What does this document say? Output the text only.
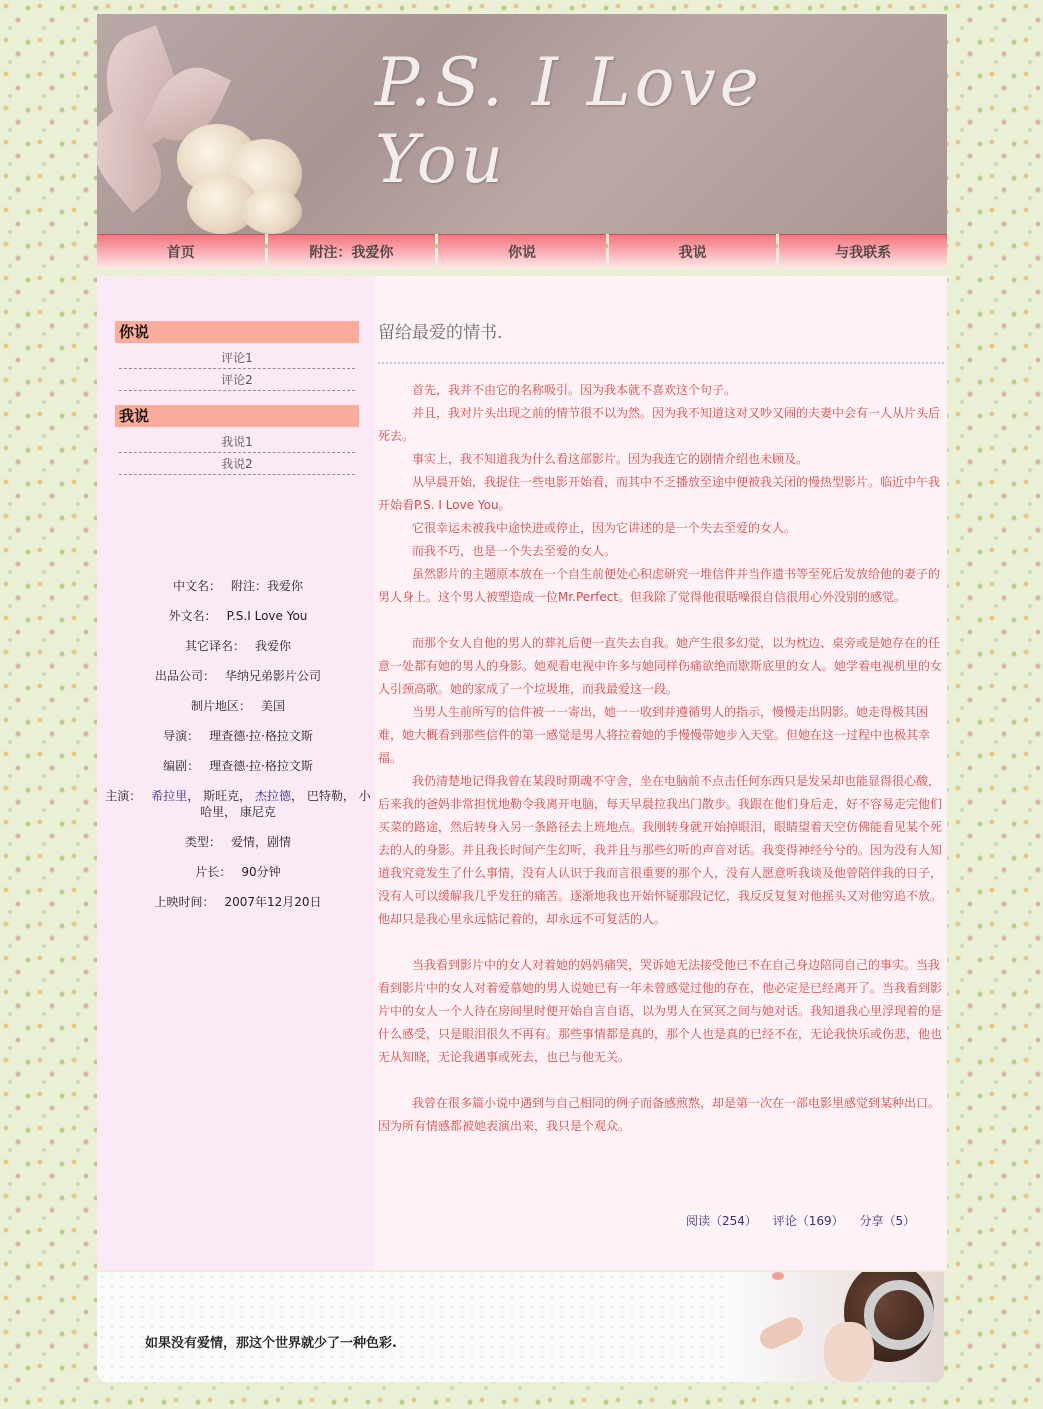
P.S. I Love You
首页	附注：我爱你	你说	我说	与我联系
你说
评论1
评论2
我说
我说1
我说2
中文名： 附注：我爱你
外文名： P.S.I Love You
其它译名： 我爱你
出品公司： 华纳兄弟影片公司
制片地区： 美国
导演： 理查德·拉·格拉文斯
编剧： 理查德·拉·格拉文斯
主演： 希拉里， 斯旺克， 杰拉德， 巴特勒， 小哈里， 康尼克
类型： 爱情，剧情
片长： 90分钟
上映时间： 2007年12月20日
留给最爱的情书.

首先，我并不由它的名称吸引。因为我本就不喜欢这个句子。

并且，我对片头出现之前的情节很不以为然。因为我不知道这对又吵又闹的夫妻中会有一人从片头后死去。

事实上，我不知道我为什么看这部影片。因为我连它的剧情介绍也未顾及。

从早晨开始，我捉住一些电影开始看，而其中不乏播放至途中便被我关闭的慢热型影片。临近中午我开始看P.S. I Love You。

它很幸运未被我中途快进或停止，因为它讲述的是一个失去至爱的女人。

而我不巧，也是一个失去至爱的女人。

虽然影片的主题原本放在一个自生前便处心积虑研究一堆信件并当作遗书等至死后发放给他的妻子的男人身上。这个男人被塑造成一位Mr.Perfect。但我除了觉得他很聒噪很自信很用心外没别的感觉。

而那个女人自他的男人的葬礼后便一直失去自我。她产生很多幻觉，以为枕边、桌旁或是她存在的任意一处都有她的男人的身影。她观看电视中许多与她同样伤痛欲绝而歇斯底里的女人。她学着电视机里的女人引颈高歌。她的家成了一个垃圾堆，而我最爱这一段。

当男人生前所写的信件被一一寄出，她一一收到并遵循男人的指示，慢慢走出阴影。她走得极其困难，她大概看到那些信件的第一感觉是男人将拉着她的手慢慢带她步入天堂。但她在这一过程中也极其幸福。

我仍清楚地记得我曾在某段时期魂不守舍，坐在电脑前不点击任何东西只是发呆却也能显得很心酸，后来我的爸妈非常担忧地勒令我离开电脑，每天早晨拉我出门散步。我跟在他们身后走，好不容易走完他们买菜的路途，然后转身入另一条路径去上班地点。我刚转身就开始掉眼泪，眼睛望着天空仿佛能看见某个死去的人的身影。并且我长时间产生幻听，我并且与那些幻听的声音对话。我变得神经兮兮的。因为没有人知道我究竟发生了什么事情，没有人认识于我而言很重要的那个人，没有人愿意听我谈及他曾陪伴我的日子，没有人可以缓解我几乎发狂的痛苦。逐渐地我也开始怀疑那段记忆，我反反复复对他摇头又对他穷追不放。他却只是我心里永远惦记着的，却永远不可复活的人。

当我看到影片中的女人对着她的妈妈痛哭，哭诉她无法接受他已不在自己身边陪同自己的事实。当我看到影片中的女人对着爱慕她的男人说她已有一年未曾感觉过他的存在，他必定是已经离开了。当我看到影片中的女人一个人待在房间里时便开始自言自语，以为男人在冥冥之间与她对话。我知道我心里浮现着的是什么感受，只是眼泪很久不再有。那些事情都是真的，那个人也是真的已经不在，无论我快乐或伤悲，他也无从知晓，无论我遇事或死去，也已与他无关。

我曾在很多篇小说中遇到与自己相同的例子而备感煎熬，却是第一次在一部电影里感觉到某种出口。因为所有情感都被她表演出来，我只是个观众。

阅读（254） 评论（169） 分享（5）
如果没有爱情，那这个世界就少了一种色彩.
